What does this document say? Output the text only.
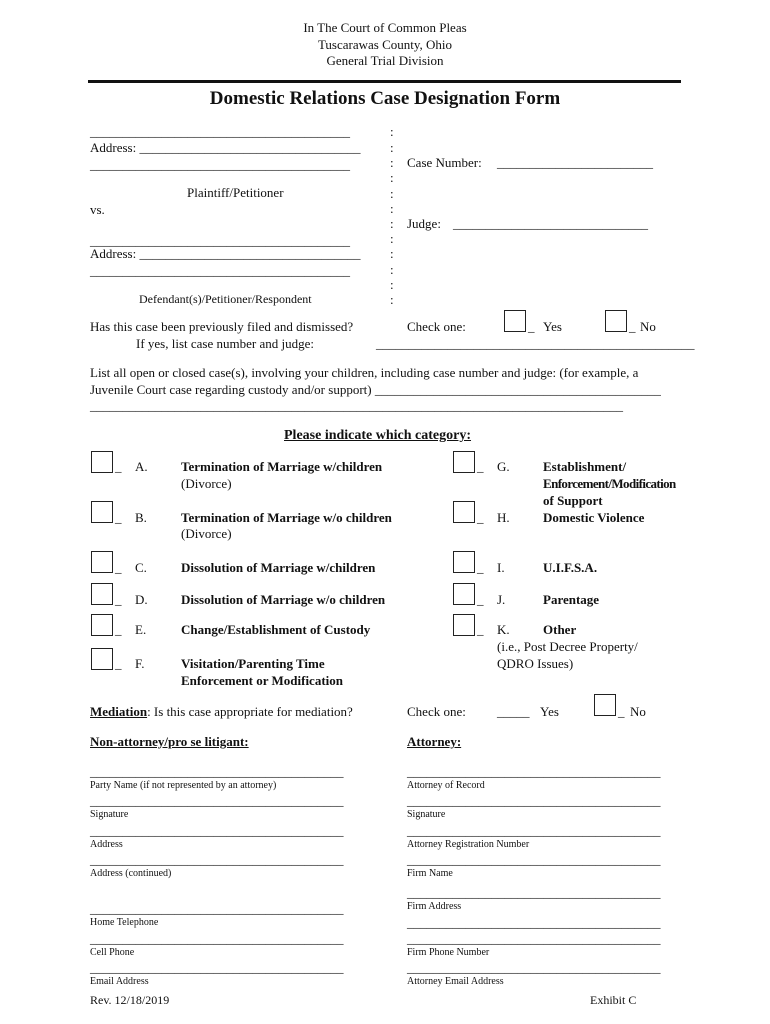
In The Court of Common Pleas
Tuscarawas County, Ohio
General Trial Division
Domestic Relations Case Designation Form
________________________________________
Address: __________________________________
________________________________________
Plaintiff/Petitioner
vs.
________________________________________
Address: __________________________________
________________________________________
Defendant(s)/Petitioner/Respondent
:
:
:
:
:
:
:
:
:
:
:
:
Case Number: ________________________
Judge: ______________________________
Has this case been previously filed and dismissed?	Check one:	_ Yes	_ No
If yes, list case number and judge:	_________________________________________________
List all open or closed case(s), involving your children, including case number and judge: (for example, a
Juvenile Court case regarding custody and/or support) ____________________________________________
__________________________________________________________________________________
Please indicate which category:
_ A.	Termination of Marriage w/children
(Divorce)
_ B.	Termination of Marriage w/o children
(Divorce)
_ C.	Dissolution of Marriage w/children
_ D.	Dissolution of Marriage w/o children
_ E.	Change/Establishment of Custody
_ F.	Visitation/Parenting Time
Enforcement or Modification
_ G.	Establishment/
Enforcement/Modification
of Support
_ H.	Domestic Violence
_ I.	U.I.F.S.A.
_ J.	Parentage
_ K.	Other
(i.e., Post Decree Property/
QDRO Issues)
Mediation: Is this case appropriate for mediation?	Check one: _____ Yes	_ No
Non-attorney/pro se litigant:	Attorney:
_______________________________________
Party Name (if not represented by an attorney)
_______________________________________
Signature
_______________________________________
Address
_______________________________________
Address (continued)
_______________________________________
Home Telephone
_______________________________________
Cell Phone
_______________________________________
Email Address
_______________________________________
Attorney of Record
_______________________________________
Signature
_______________________________________
Attorney Registration Number
_______________________________________
Firm Name
_______________________________________
Firm Address
_______________________________________
_______________________________________
Firm Phone Number
_______________________________________
Attorney Email Address
Rev. 12/18/2019	Exhibit C
